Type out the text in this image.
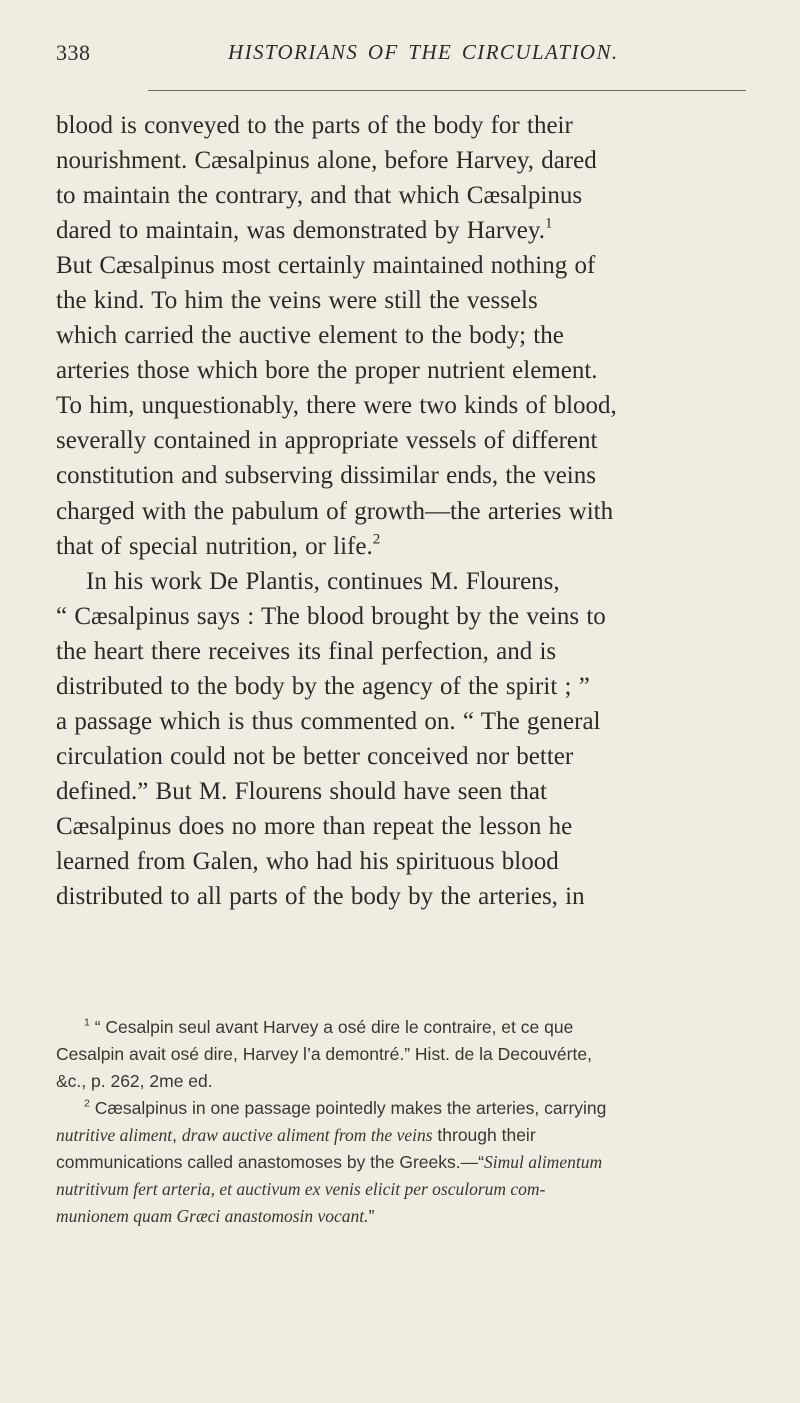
338	HISTORIANS OF THE CIRCULATION.
blood is conveyed to the parts of the body for their
nourishment. Cæsalpinus alone, before Harvey, dared
to maintain the contrary, and that which Cæsalpinus
dared to maintain, was demonstrated by Harvey.$^1$
But Cæsalpinus most certainly maintained nothing of
the kind. To him the veins were still the vessels
which carried the auctive element to the body; the
arteries those which bore the proper nutrient element.
To him, unquestionably, there were two kinds of blood,
severally contained in appropriate vessels of different
constitution and subserving dissimilar ends, the veins
charged with the pabulum of growth—the arteries with
that of special nutrition, or life.$^2$
In his work De Plantis, continues M. Flourens,
“ Cæsalpinus says : The blood brought by the veins to
the heart there receives its final perfection, and is
distributed to the body by the agency of the spirit ; ”
a passage which is thus commented on. “ The general
circulation could not be better conceived nor better
defined.” But M. Flourens should have seen that
Cæsalpinus does no more than repeat the lesson he
learned from Galen, who had his spirituous blood
distributed to all parts of the body by the arteries, in
$^1$ “ Cesalpin seul avant Harvey a osé dire le contraire, et ce que
Cesalpin avait osé dire, Harvey l’a demontré.” Hist. de la Decouvérte,
&c., p. 262, 2me ed.
$^2$ Cæsalpinus in one passage pointedly makes the arteries, carrying
nutritive aliment, draw auctive aliment from the veins through their
communications called anastomoses by the Greeks.—“Simul alimentum
nutritivum fert arteria, et auctivum ex venis elicit per osculorum com-
munionem quam Græci anastomosin vocant.”
